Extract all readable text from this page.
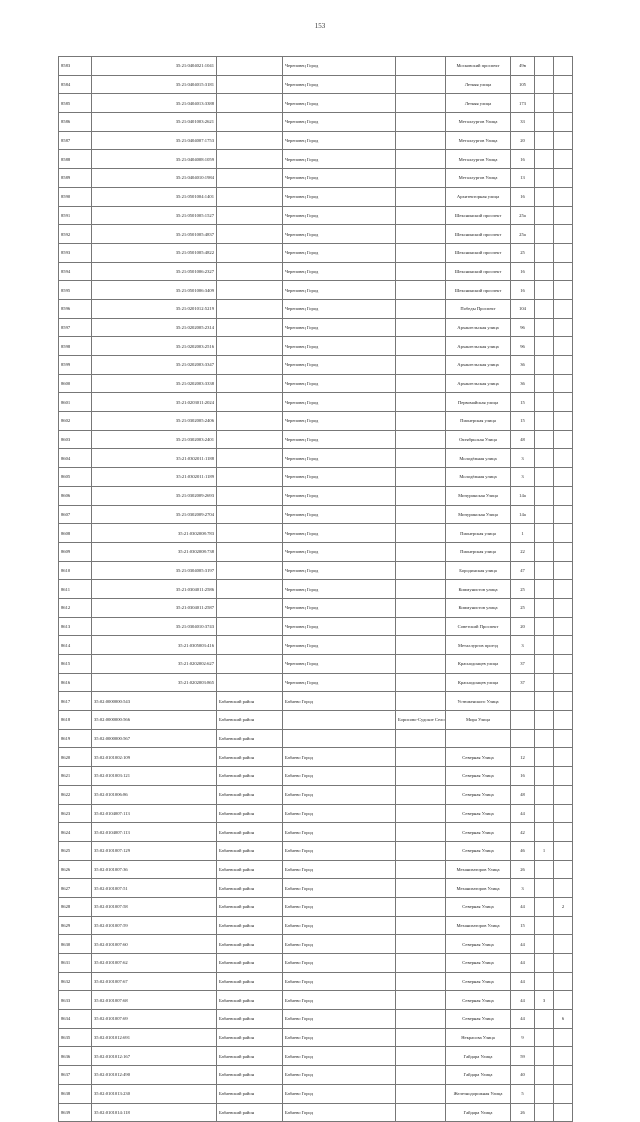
153
8583	35:21:0404021:1041		Череповец Город		Московский проспект	49в		
8584	35:21:0404015:3181		Череповец Город		Летняя улица	105		
8585	35:21:0404013:3388		Череповец Город		Летняя улица	173		
8586	35:21:0401003:2621		Череповец Город		Металлургов Улица	33		
8587	35:21:0404007:1753		Череповец Город		Металлургов Улица	20		
8588	35:21:0404008:1059		Череповец Город		Металлургов Улица	16		
8589	35:21:0404010:1984		Череповец Город		Металлургов Улица	13		
8590	35:21:0501004:1401		Череповец Город		Архитекторная улица	16		
8591	35:21:0501005:1527		Череповец Город		Шекснинский проспект	25а		
8592	35:21:0501005:4837		Череповец Город		Шекснинский проспект	25а		
8593	35:21:0501005:4822		Череповец Город		Шекснинский проспект	25		
8594	35:21:0501006:2327		Череповец Город		Шекснинский проспект	16		
8595	35:21:0501006:3409		Череповец Город		Шекснинский проспект	16		
8596	35:21:0201012:5219		Череповец Город		Победы Проспект	104		
8597	35:21:0202005:2314		Череповец Город		Архангельская улица	96		
8598	35:21:0202003:2516		Череповец Город		Архангельская улица	96		
8599	35:21:0202003:3347		Череповец Город		Архангельская улица	36		
8600	35:21:0202003:3338		Череповец Город		Архангельская улица	36		
8601	35:21:0203011:2024		Череповец Город		Первомайская улица	15		
8602	35:21:0302005:2406		Череповец Город		Пионерская улица	15		
8603	35:21:0302003:2401		Череповец Город		Октябрьская Улица	48		
8604	35:21:0302011:1188		Череповец Город		Молодёжная улица	3		
8605	35:21:0302011:1189		Череповец Город		Молодёжная улица	3		
8606	35:21:0302009:2693		Череповец Город		Мичуринская Улица	14а		
8607	35:21:0302009:2704		Череповец Город		Мичуринская Улица	14а		
8608	35:21:0302008:783		Череповец Город		Пионерская улица	1		
8609	35:21:0302008:738		Череповец Город		Пионерская улица	22		
8610	35:21:0304005:3197		Череповец Город		Бородинская улица	47		
8611	35:21:0304011:2586		Череповец Город		Коммунистов улица	25		
8612	35:21:0304011:2587		Череповец Город		Коммунистов улица	25		
8613	35:21:0304010:3743		Череповец Город		Советский Проспект	20		
8614	35:21:0305003:416		Череповец Город		Металлургов проезд	3		
8615	35:21:0202002:627		Череповец Город		Краснодонцев улица	37		
8616	35:21:0202003:865		Череповец Город		Краснодонцев улица	37		
8617	35:02:0000000:543	Бабаевский район	Бабаево Город		Устюженского Улица			
8618	35:02:0000000:566	Бабаевский район		Борисово-Судское Село	Мира Улица			
8619	35:02:0000000:567	Бабаевский район						
8620	35:02:0101002:109	Бабаевский район	Бабаево Город		Северная Улица	12		
8621	35:02:0101003:121	Бабаевский район	Бабаево Город		Северная Улица	16		
8622	35:02:0101006:86	Бабаевский район	Бабаево Город		Северная Улица	48		
8623	35:02:0104007:113	Бабаевский район	Бабаево Город		Северная Улица	44		
8624	35:02:0104007:113	Бабаевский район	Бабаево Город		Северная Улица	42		
8625	35:02:0101007:129	Бабаевский район	Бабаево Город		Северная Улица	46	1	
8626	35:02:0101007:36	Бабаевский район	Бабаево Город		Механизаторов Улица	26		
8627	35:02:0101007:51	Бабаевский район	Бабаево Город		Механизаторов Улица	3		
8628	35:02:0101007:58	Бабаевский район	Бабаево Город		Северная Улица	44		2
8629	35:02:0101007:59	Бабаевский район	Бабаево Город		Механизаторов Улица	15		
8630	35:02:0101007:60	Бабаевский район	Бабаево Город		Северная Улица	44		
8631	35:02:0101007:62	Бабаевский район	Бабаево Город		Северная Улица	44		
8632	35:02:0101007:67	Бабаевский район	Бабаево Город		Северная Улица	44		
8633	35:02:0101007:68	Бабаевский район	Бабаево Город		Северная Улица	44	3	
8634	35:02:0101007:69	Бабаевский район	Бабаево Город		Северная Улица	44		6
8635	35:02:0101012:691	Бабаевский район	Бабаево Город		Некрасова Улица	9		
8636	35:02:0101012:167	Бабаевский район	Бабаево Город		Гайдара Улица	59		
8637	35:02:0101012:490	Бабаевский район	Бабаево Город		Гайдара Улица	40		
8638	35:02:0101013:230	Бабаевский район	Бабаево Город		Железнодорожная Улица	5		
8639	35:02:0101014:118	Бабаевский район	Бабаево Город		Гайдара Улица	26		
